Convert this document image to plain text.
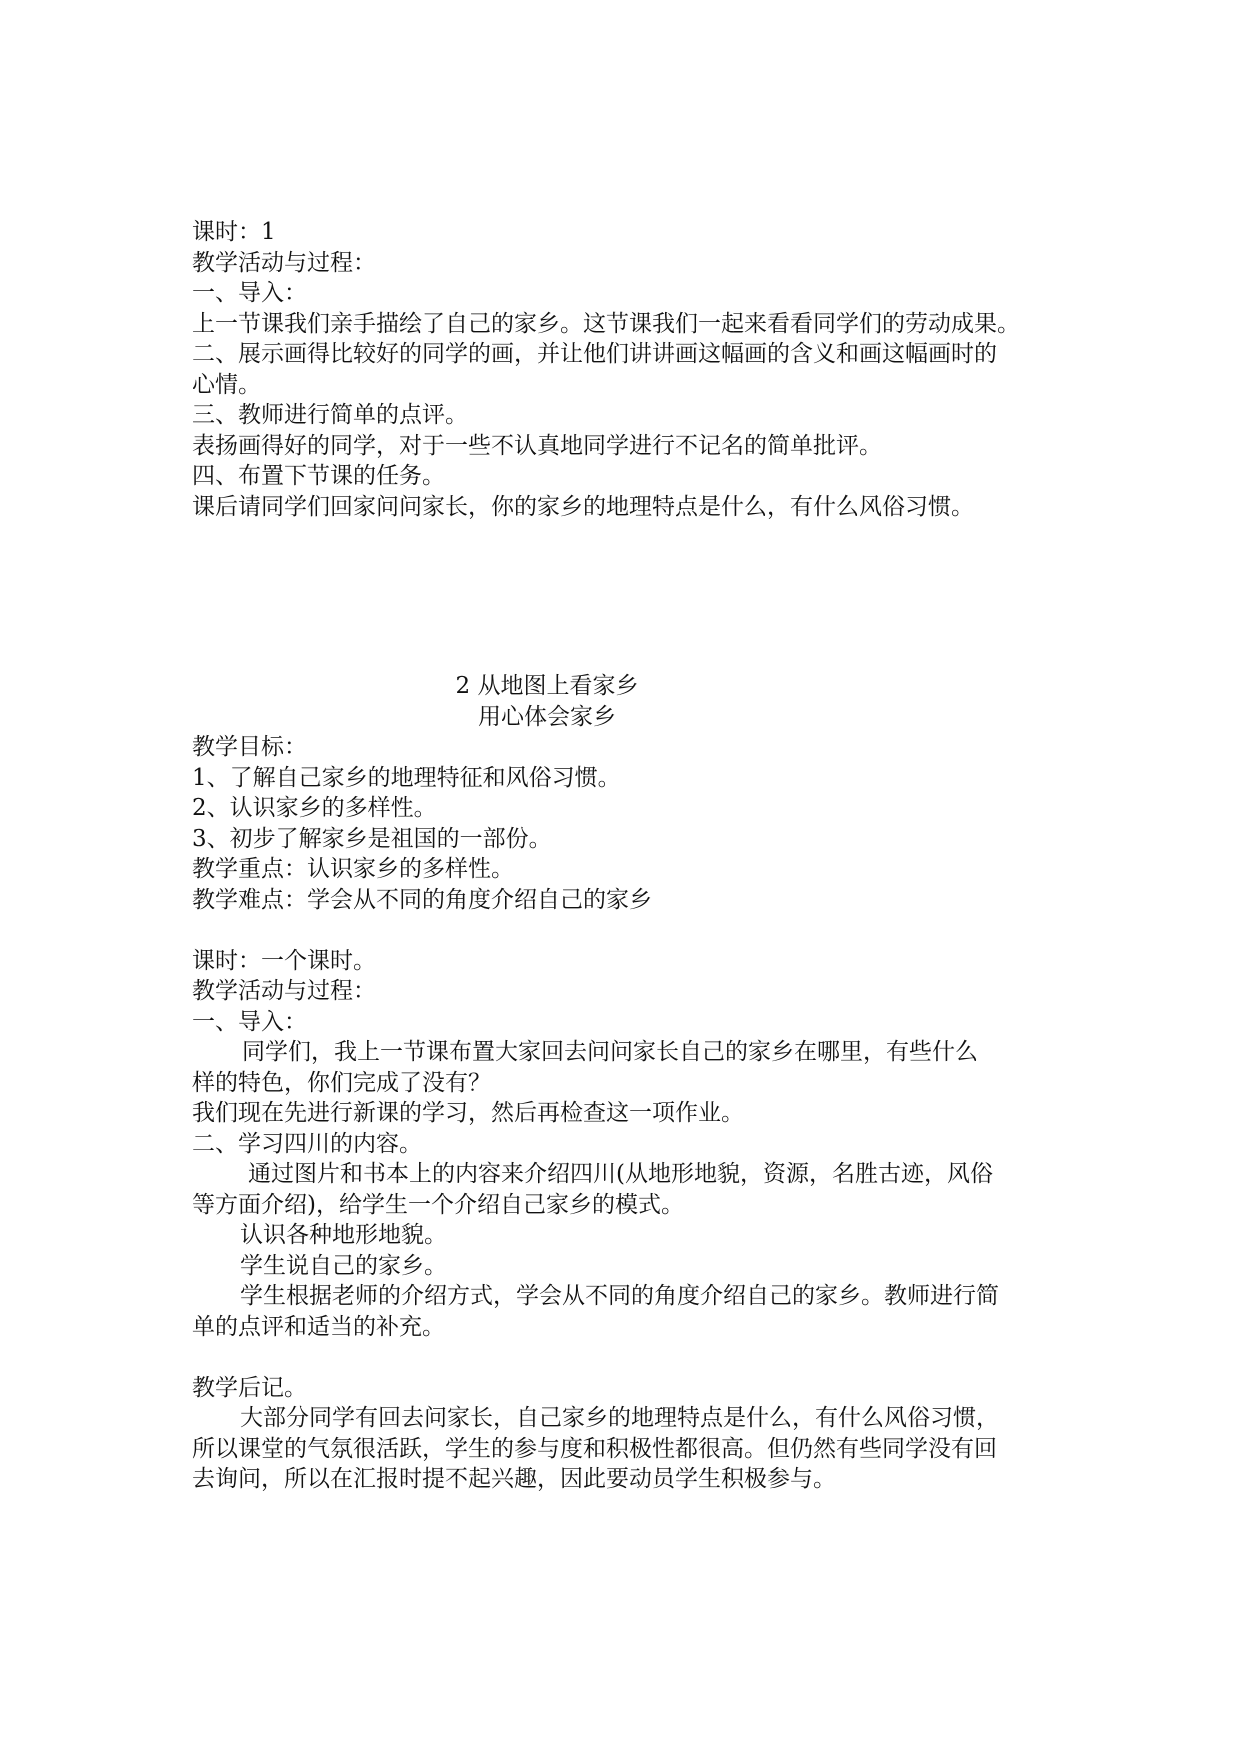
课时：1
教学活动与过程：
一、导入：
上一节课我们亲手描绘了自己的家乡。这节课我们一起来看看同学们的劳动成果。
二、展示画得比较好的同学的画，并让他们讲讲画这幅画的含义和画这幅画时的
心情。
三、教师进行简单的点评。
表扬画得好的同学，对于一些不认真地同学进行不记名的简单批评。
四、布置下节课的任务。
课后请同学们回家问问家长，你的家乡的地理特点是什么，有什么风俗习惯。
2 从地图上看家乡
用心体会家乡
教学目标：
1、了解自己家乡的地理特征和风俗习惯。
2、认识家乡的多样性。
3、初步了解家乡是祖国的一部份。
教学重点：认识家乡的多样性。
教学难点：学会从不同的角度介绍自己的家乡
课时：一个课时。
教学活动与过程：
一、导入：
同学们，我上一节课布置大家回去问问家长自己的家乡在哪里，有些什么
样的特色，你们完成了没有？
我们现在先进行新课的学习，然后再检查这一项作业。
二、学习四川的内容。
通过图片和书本上的内容来介绍四川(从地形地貌，资源，名胜古迹，风俗
等方面介绍)，给学生一个介绍自己家乡的模式。
认识各种地形地貌。
学生说自己的家乡。
学生根据老师的介绍方式，学会从不同的角度介绍自己的家乡。教师进行简
单的点评和适当的补充。
教学后记。
大部分同学有回去问家长，自己家乡的地理特点是什么，有什么风俗习惯，
所以课堂的气氛很活跃，学生的参与度和积极性都很高。但仍然有些同学没有回
去询问，所以在汇报时提不起兴趣，因此要动员学生积极参与。
